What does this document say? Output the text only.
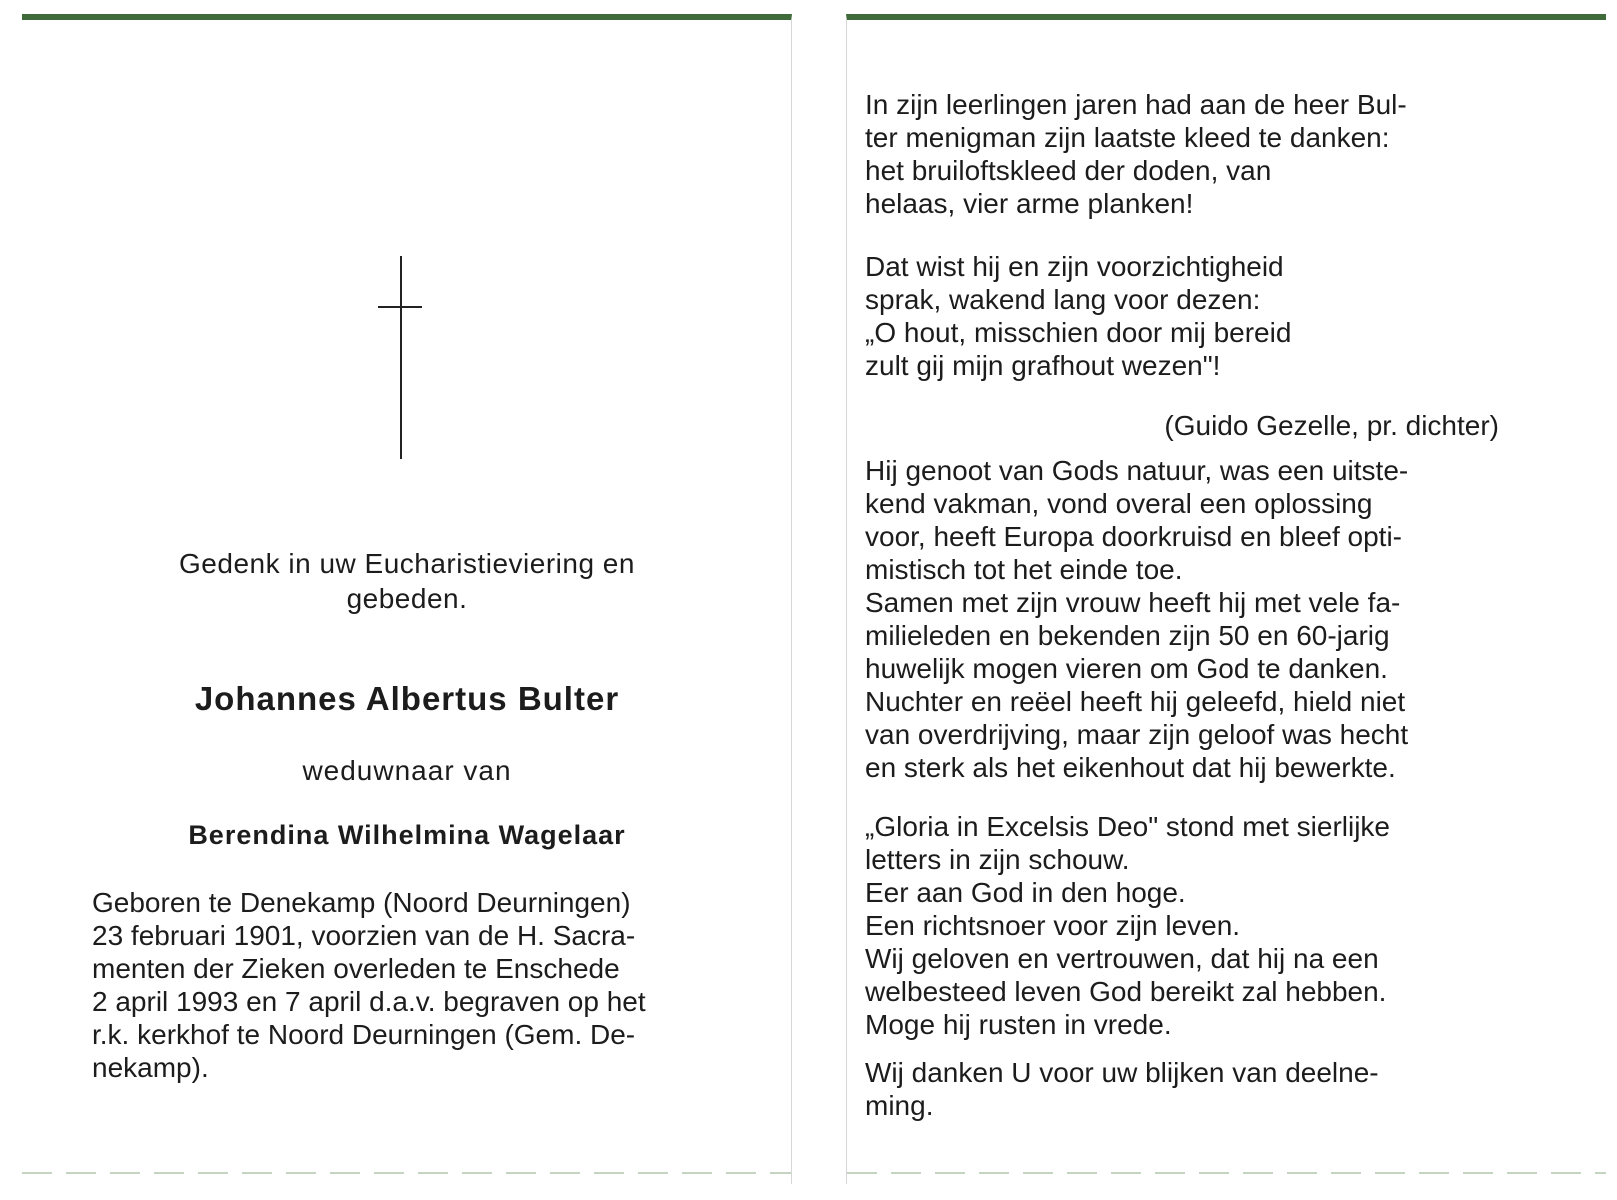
Gedenk in uw Eucharistieviering en gebeden.

Johannes Albertus Bulter

weduwnaar van

Berendina Wilhelmina Wagelaar

Geboren te Denekamp (Noord Deurningen)
23 februari 1901, voorzien van de H. Sacra-
menten der Zieken overleden te Enschede
2 april 1993 en 7 april d.a.v. begraven op het
r.k. kerkhof te Noord Deurningen (Gem. De-
nekamp).
In zijn leerlingen jaren had aan de heer Bul-
ter menigman zijn laatste kleed te danken:
het bruiloftskleed der doden, van
helaas, vier arme planken!
Dat wist hij en zijn voorzichtigheid
sprak, wakend lang voor dezen:
„O hout, misschien door mij bereid
zult gij mijn grafhout wezen"!

(Guido Gezelle, pr. dichter)

Hij genoot van Gods natuur, was een uitste-
kend vakman, vond overal een oplossing
voor, heeft Europa doorkruisd en bleef opti-
mistisch tot het einde toe.
Samen met zijn vrouw heeft hij met vele fa-
milieleden en bekenden zijn 50 en 60-jarig
huwelijk mogen vieren om God te danken.
Nuchter en reëel heeft hij geleefd, hield niet
van overdrijving, maar zijn geloof was hecht
en sterk als het eikenhout dat hij bewerkte.
„Gloria in Excelsis Deo" stond met sierlijke
letters in zijn schouw.
Eer aan God in den hoge.
Een richtsnoer voor zijn leven.
Wij geloven en vertrouwen, dat hij na een
welbesteed leven God bereikt zal hebben.
Moge hij rusten in vrede.
Wij danken U voor uw blijken van deelne-
ming.
